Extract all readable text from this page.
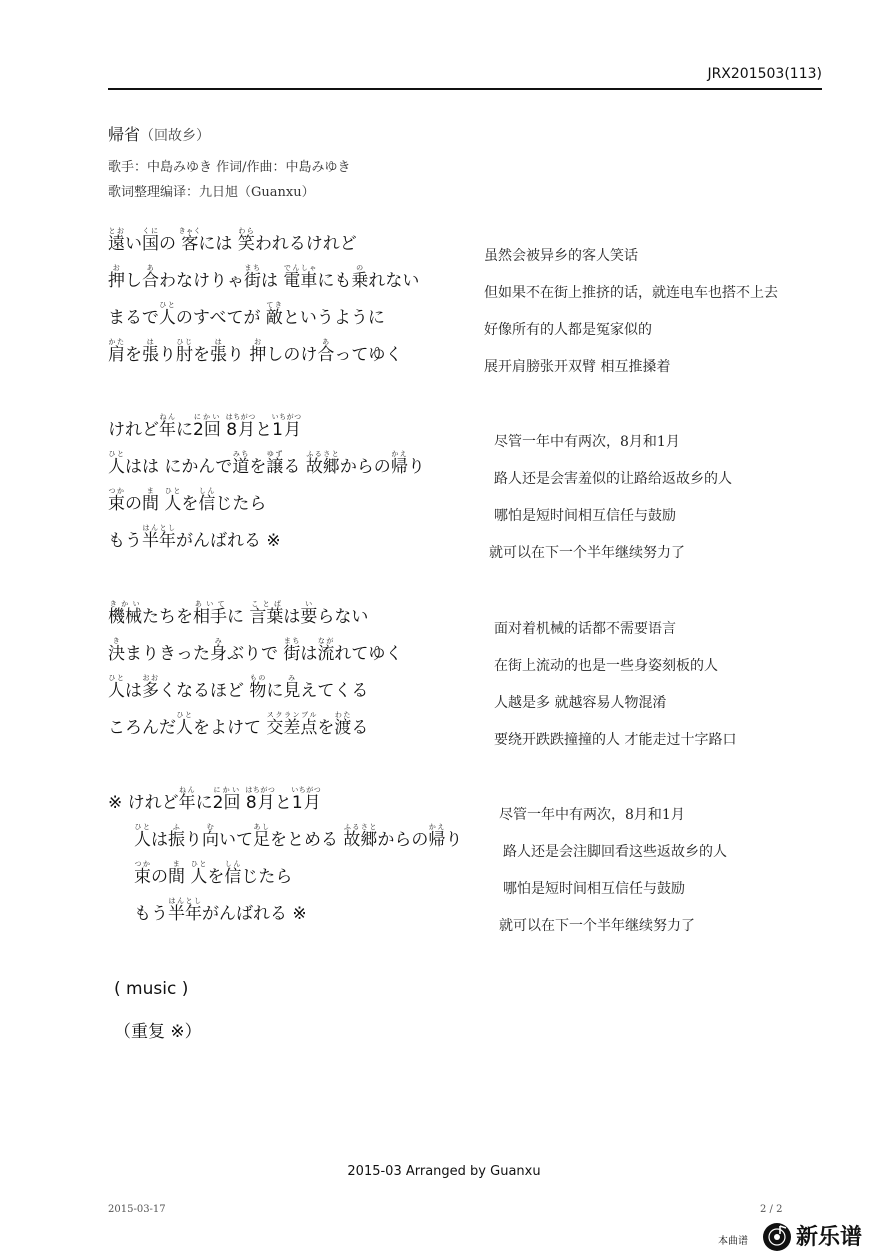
JRX201503(113)
帰省（回故乡）
歌手：中島みゆき 作词/作曲：中島みゆき
歌词整理编译：九日旭（Guanxu）
遠とおい国くにの 客きゃくには 笑わらわれるけれど
虽然会被异乡的客人笑话
押おし合あわなけりゃ街まちは 電車でんしゃにも乗のれない
但如果不在街上推挤的话，就连电车也搭不上去
まるで人ひとのすべてが 敵てきというように
好像所有的人都是冤家似的
肩かたを張はり肘ひじを張はり 押おしのけ合あってゆく
展开肩膀张开双臂 相互推搡着
けれど年ねんに2回にかい 8月はちがつと1月いちがつ
尽管一年中有两次，8月和1月
人ひとはは にかんで道みちを譲ゆずる 故郷ふるさとからの帰かえり
路人还是会害羞似的让路给返故乡的人
束つかの間ま 人ひとを信しんじたら
哪怕是短时间相互信任与鼓励
もう半年はんとしがんばれる ※
就可以在下一个半年继续努力了
機械きかいたちを相手あいてに 言葉ことばは要いらない
面对着机械的话都不需要语言
決きまりきった身みぶりで 街まちは流ながれてゆく
在街上流动的也是一些身姿刻板的人
人ひとは多おおくなるほど 物ものに見みえてくる
人越是多 就越容易人物混淆
ころんだ人ひとをよけて 交差点スクランブルを渡わたる
要绕开跌跌撞撞的人 才能走过十字路口
※ けれど年ねんに2回にかい 8月はちがつと1月いちがつ
尽管一年中有两次，8月和1月
人ひとは振ふり向むいて足あしをとめる 故郷ふるさとからの帰かえり
路人还是会注脚回看这些返故乡的人
束つかの間ま 人ひとを信しんじたら
哪怕是短时间相互信任与鼓励
もう半年はんとしがんばれる ※
就可以在下一个半年继续努力了
( music )
（重复 ※）
2015-03 Arranged by Guanxu
2015-03-17	2 / 2
本曲谱 新乐谱
